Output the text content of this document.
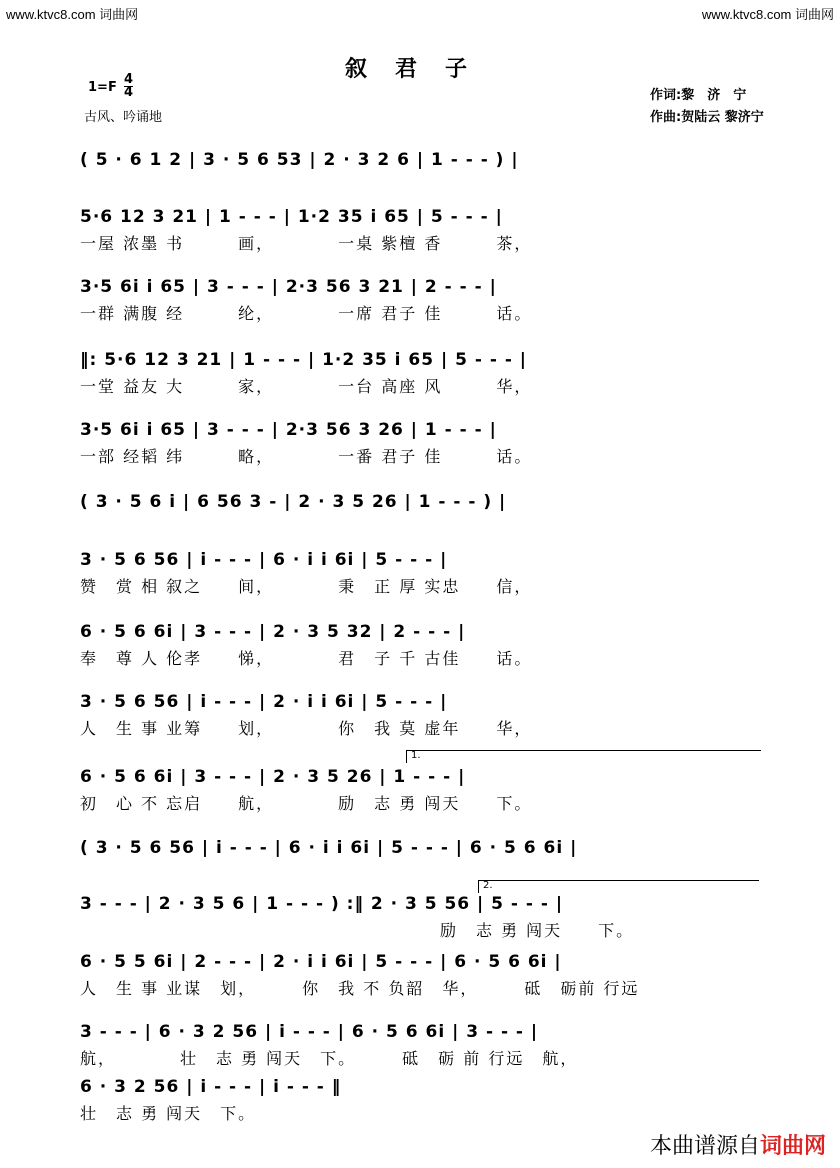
www.ktvc8.com 词曲网	www.ktvc8.com 词曲网
叙君子
1=F
4
4
古风、吟诵地
作词:黎　济　宁
作曲:贺陆云 黎济宁
( 5 · 6 1 2 | 3 · 5 6 53 | 2 · 3 2 6 | 1 - - - ) |
5·6 12 3 21 | 1 - - - | 1·2 35 i 65 | 5 - - - |
一屋 浓墨 书　　　画，　　　　一桌 紫檀 香　　　茶，
3·5 6i i 65 | 3 - - - | 2·3 56 3 21 | 2 - - - |
一群 满腹 经　　　纶，　　　　一席 君子 佳　　　话。
‖: 5·6 12 3 21 | 1 - - - | 1·2 35 i 65 | 5 - - - |
一堂 益友 大　　　家，　　　　一台 高座 风　　　华，
3·5 6i i 65 | 3 - - - | 2·3 56 3 26 | 1 - - - |
一部 经韬 纬　　　略，　　　　一番 君子 佳　　　话。
( 3 · 5 6 i | 6 56 3 - | 2 · 3 5 26 | 1 - - - ) |
3 · 5 6 56 | i - - - | 6 · i i 6i | 5 - - - |
赞　赏 相 叙之　　间，　　　　秉　正 厚 实忠　　信，
6 · 5 6 6i | 3 - - - | 2 · 3 5 32 | 2 - - - |
奉　尊 人 伦孝　　悌，　　　　君　子 千 古佳　　话。
3 · 5 6 56 | i - - - | 2 · i i 6i | 5 - - - |
人　生 事 业筹　　划，　　　　你　我 莫 虚年　　华，
6 · 5 6 6i | 3 - - - | 2 · 3 5 26 | 1 - - - |
初　心 不 忘启　　航，　　　　励　志 勇 闯天　　下。
( 3 · 5 6 56 | i - - - | 6 · i i 6i | 5 - - - | 6 · 5 6 6i |
3 - - - | 2 · 3 5 6 | 1 - - - ) :‖ 2 · 3 5 56 | 5 - - - |
　　　　　　　　　　　　　　　　　　　　励　志 勇 闯天　　下。
6 · 5 5 6i | 2 - - - | 2 · i i 6i | 5 - - - | 6 · 5 6 6i |
人　生 事 业谋　划，　　　你　我 不 负韶　华，　　　砥　砺前 行远
3 - - - | 6 · 3 2 56 | i - - - | 6 · 5 6 6i | 3 - - - |
航，　　　　壮　志 勇 闯天　下。　　　砥　砺 前 行远　航，
6 · 3 2 56 | i - - - | i - - - ‖
壮　志 勇 闯天　下。
1.
2.
本曲谱源自词曲网
